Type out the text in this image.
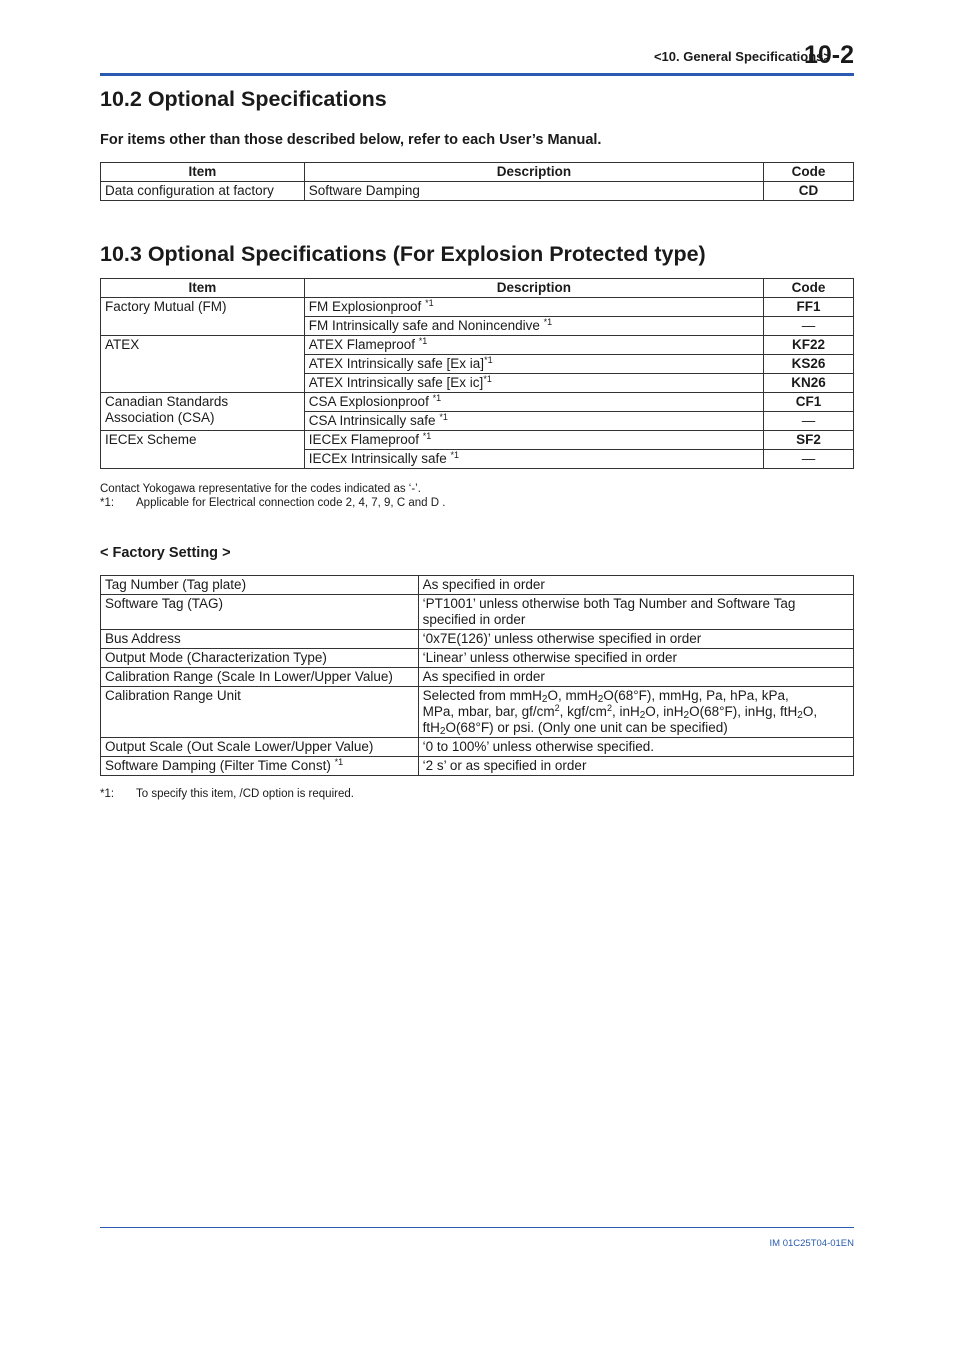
<10. General Specifications>
10-2
10.2 Optional Specifications
For items other than those described below, refer to each User’s Manual.
Item	Description	Code
Data configuration at factory	Software Damping	CD
10.3 Optional Specifications (For Explosion Protected type)
Item	Description	Code
Factory Mutual (FM)	FM Explosionproof $^{*1}$	FF1
	FM Intrinsically safe and Nonincendive $^{*1}$	—
ATEX	ATEX Flameproof $^{*1}$	KF22
	ATEX Intrinsically safe [Ex ia]$^{*1}$	KS26
	ATEX Intrinsically safe [Ex ic]$^{*1}$	KN26
Canadian Standards
Association (CSA)	CSA Explosionproof $^{*1}$	CF1
	CSA Intrinsically safe $^{*1}$	—
IECEx Scheme	IECEx Flameproof $^{*1}$	SF2
	IECEx Intrinsically safe $^{*1}$	—
Contact Yokogawa representative for the codes indicated as ‘-’.
*1: Applicable for Electrical connection code 2, 4, 7, 9, C and D .
< Factory Setting >
Tag Number (Tag plate)	As specified in order
Software Tag (TAG)	‘PT1001’ unless otherwise both Tag Number and Software Tag
specified in order
Bus Address	‘0x7E(126)’ unless otherwise specified in order
Output Mode (Characterization Type)	‘Linear’ unless otherwise specified in order
Calibration Range (Scale In Lower/Upper Value)	As specified in order
Calibration Range Unit	Selected from mmH$_2$O, mmH$_2$O(68°F), mmHg, Pa, hPa, kPa,
MPa, mbar, bar, $gf/cm^2$, kgf/$cm^2$, inH$_2$O, inH$_2$O(68°F), inHg, ftH$_2$O,
ftH$_2$O(68°F) or psi. (Only one unit can be specified)
Output Scale (Out Scale Lower/Upper Value)	‘0 to 100%’ unless otherwise specified.
Software Damping (Filter Time Const) $^{*1}$	‘2 s’ or as specified in order
*1: To specify this item, /CD option is required.
IM 01C25T04-01EN
